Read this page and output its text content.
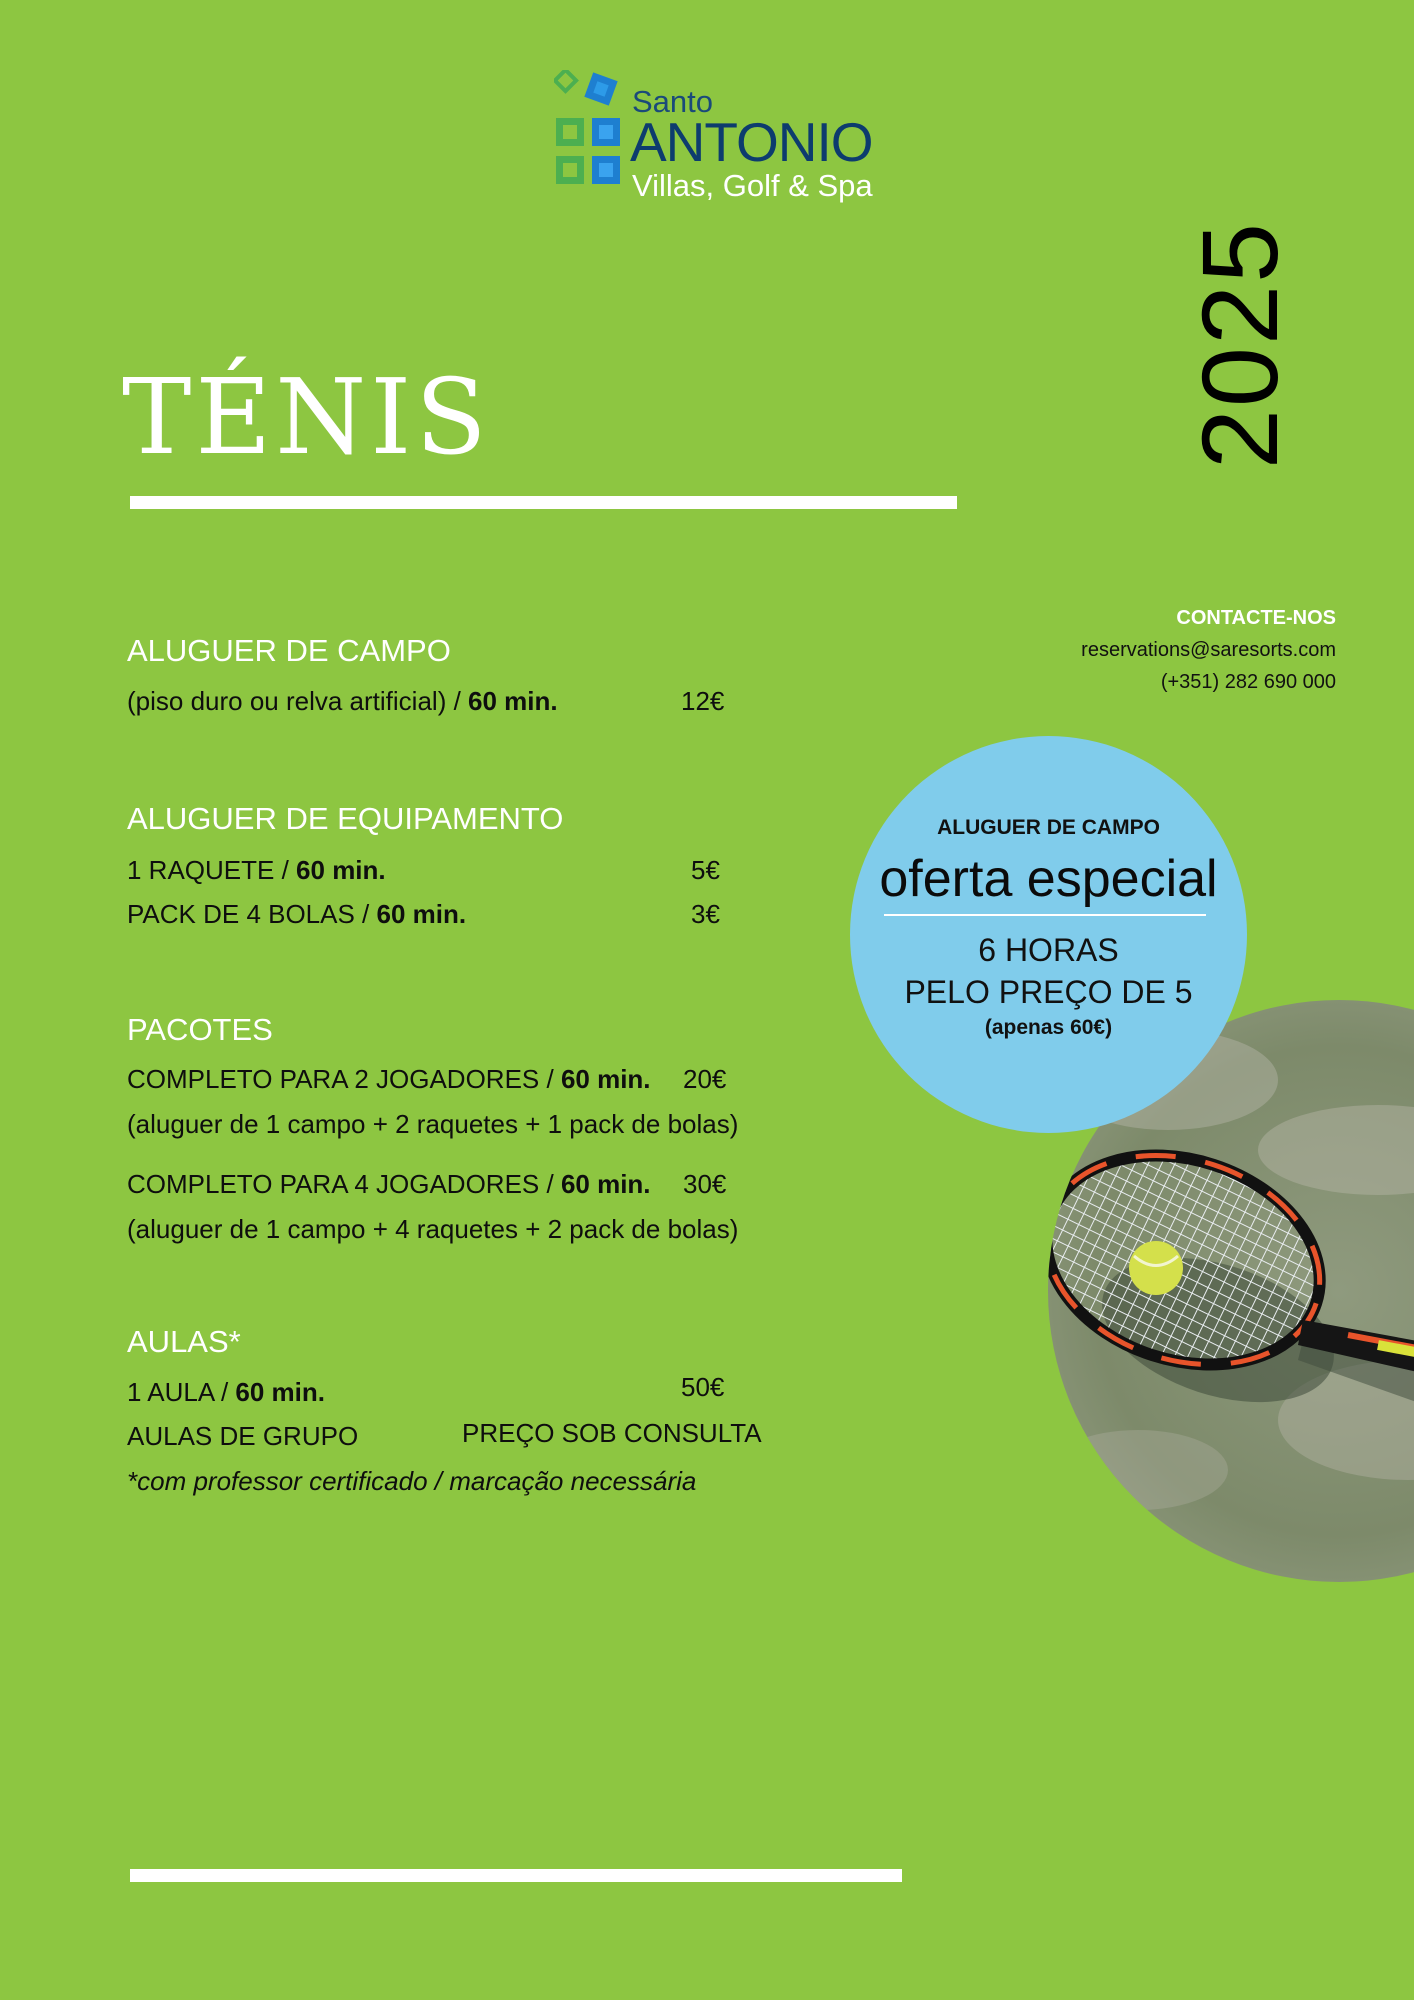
Santo
ANTONIO
Villas, Golf & Spa
TÉNIS	2025
CONTACTE-NOS
reservations@saresorts.com
(+351) 282 690 000
ALUGUER DE CAMPO
(piso duro ou relva artificial) / 60 min.	12€
ALUGUER DE EQUIPAMENTO
1 RAQUETE / 60 min.	5€
PACK DE 4 BOLAS / 60 min.	3€
PACOTES
COMPLETO PARA 2 JOGADORES / 60 min. 20€
(aluguer de 1 campo + 2 raquetes + 1 pack de bolas)
COMPLETO PARA 4 JOGADORES / 60 min. 30€
(aluguer de 1 campo + 4 raquetes + 2 pack de bolas)
AULAS*
1 AULA / 60 min.	50€
AULAS DE GRUPO	PREÇO SOB CONSULTA
*com professor certificado / marcação necessária
ALUGUER DE CAMPO
oferta especial
6 HORAS
PELO PREÇO DE 5
(apenas 60€)
